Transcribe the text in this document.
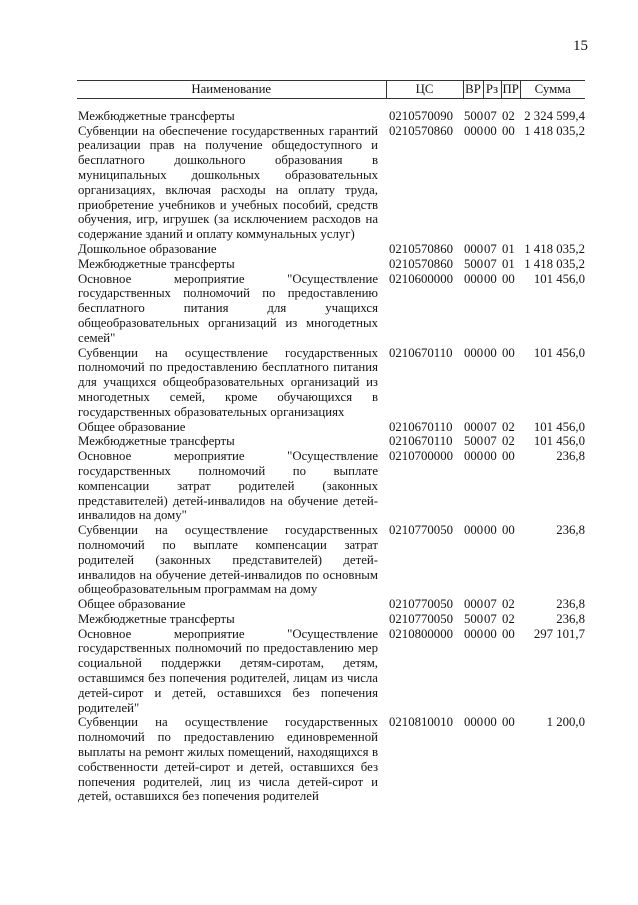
15
Наименование	ЦС	ВР	Рз	ПР	Сумма

Межбюджетные трансферты	0210570090	500	07	02	2 324 599,4
Субвенции на обеспечение государственных гарантий реализации прав на получение общедоступного и бесплатного дошкольного образования в муниципальных дошкольных образовательных организациях, включая расходы на оплату труда, приобретение учебников и учебных пособий, средств обучения, игр, игрушек (за исключением расходов на содержание зданий и оплату коммунальных услуг)	0210570860	000	00	00	1 418 035,2
Дошкольное образование	0210570860	000	07	01	1 418 035,2
Межбюджетные трансферты	0210570860	500	07	01	1 418 035,2
Основное мероприятие "Осуществление государственных полномочий по предоставлению бесплатного питания для учащихся общеобразовательных организаций из многодетных семей"	0210600000	000	00	00	101 456,0
Субвенции на осуществление государственных полномочий по предоставлению бесплатного питания для учащихся общеобразовательных организаций из многодетных семей, кроме обучающихся в государственных образовательных организациях	0210670110	000	00	00	101 456,0
Общее образование	0210670110	000	07	02	101 456,0
Межбюджетные трансферты	0210670110	500	07	02	101 456,0
Основное мероприятие "Осуществление государственных полномочий по выплате компенсации затрат родителей (законных представителей) детей-инвалидов на обучение детей-инвалидов на дому"	0210700000	000	00	00	236,8
Субвенции на осуществление государственных полномочий по выплате компенсации затрат родителей (законных представителей) детей-инвалидов на обучение детей-инвалидов по основным общеобразовательным программам на дому	0210770050	000	00	00	236,8
Общее образование	0210770050	000	07	02	236,8
Межбюджетные трансферты	0210770050	500	07	02	236,8
Основное мероприятие "Осуществление государственных полномочий по предоставлению мер социальной поддержки детям-сиротам, детям, оставшимся без попечения родителей, лицам из числа детей-сирот и детей, оставшихся без попечения родителей"	0210800000	000	00	00	297 101,7
Субвенции на осуществление государственных полномочий по предоставлению единовременной выплаты на ремонт жилых помещений, находящихся в собственности детей-сирот и детей, оставшихся без попечения родителей, лиц из числа детей-сирот и детей, оставшихся без попечения родителей	0210810010	000	00	00	1 200,0
